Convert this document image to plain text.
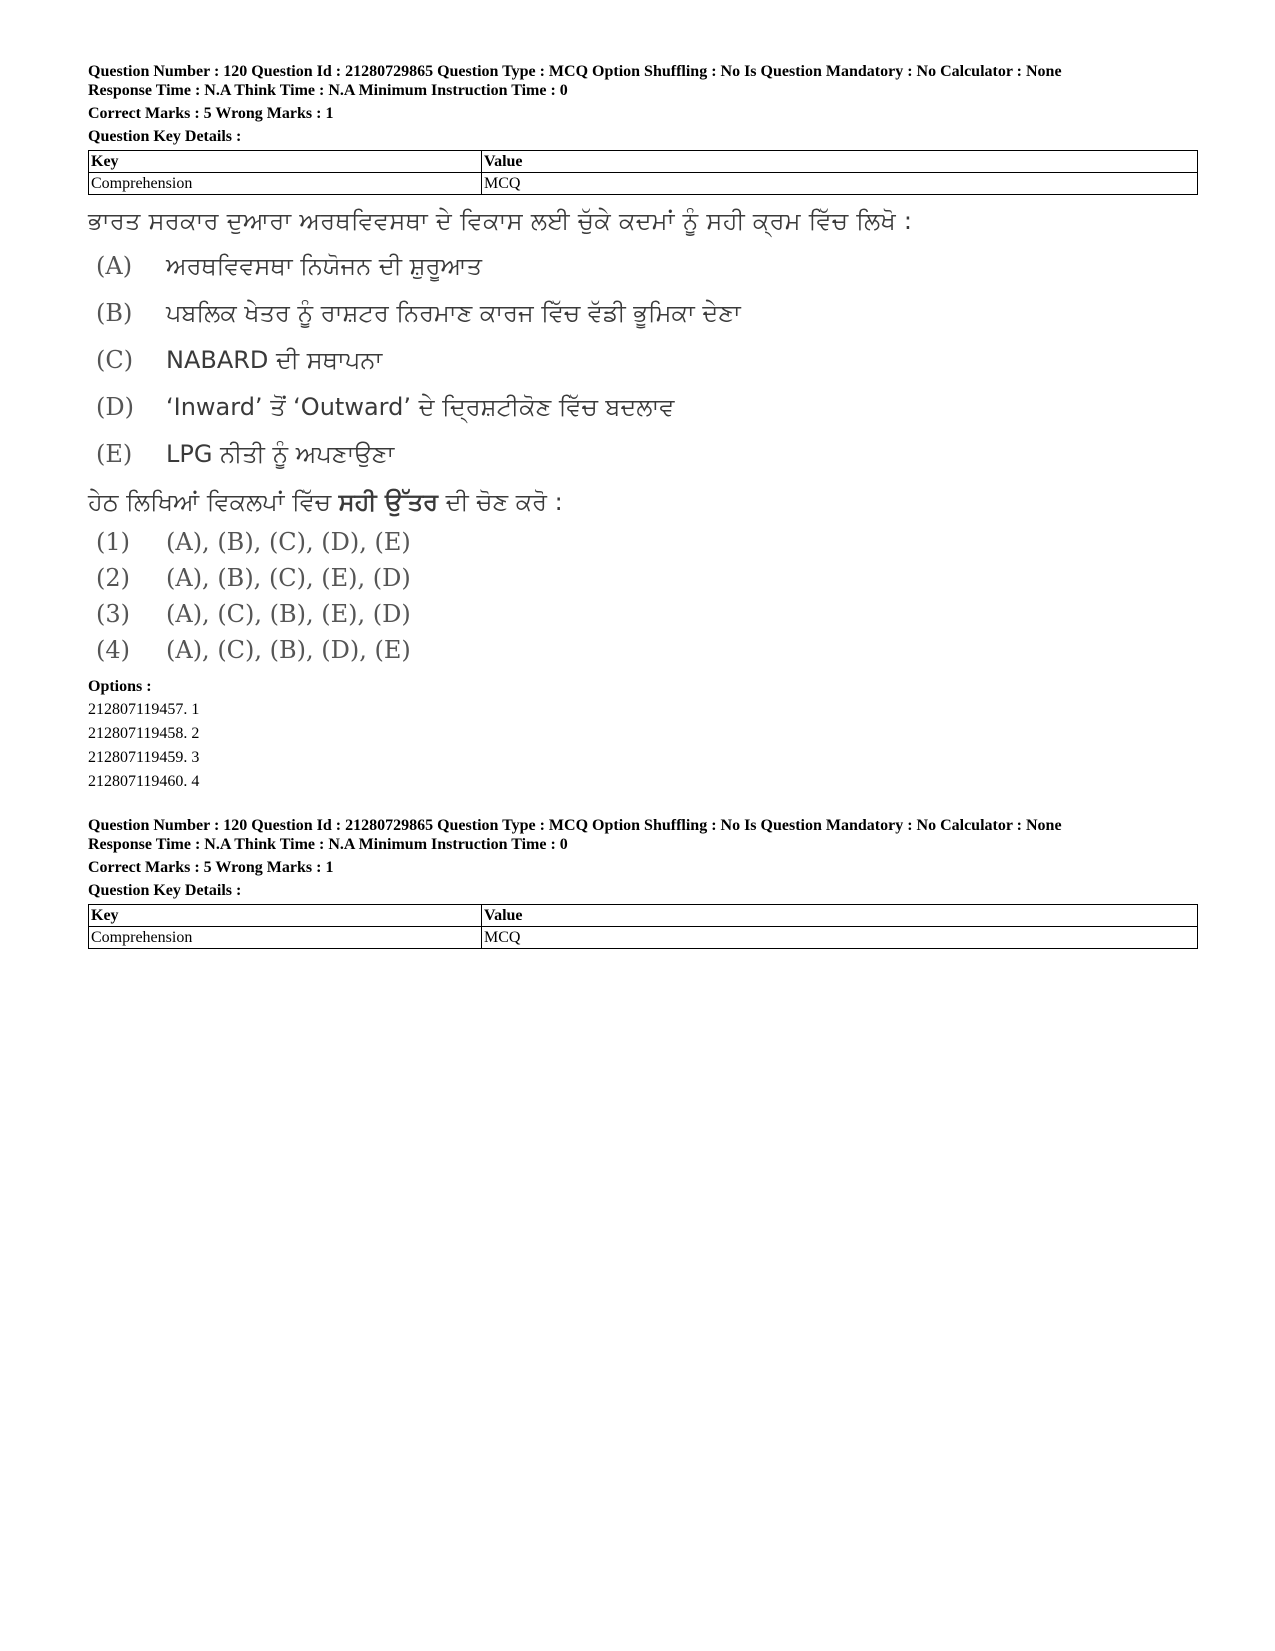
Question Number : 120 Question Id : 21280729865 Question Type : MCQ Option Shuffling : No Is Question Mandatory : No Calculator : None
Response Time : N.A Think Time : N.A Minimum Instruction Time : 0
Correct Marks : 5 Wrong Marks : 1
Question Key Details :
Key	Value
Comprehension	MCQ
ਭਾਰਤ ਸਰਕਾਰ ਦੁਆਰਾ ਅਰਥਵਿਵਸਥਾ ਦੇ ਵਿਕਾਸ ਲਈ ਚੁੱਕੇ ਕਦਮਾਂ ਨੂੰ ਸਹੀ ਕ੍ਰਮ ਵਿੱਚ ਲਿਖੋ :
(A)	ਅਰਥਵਿਵਸਥਾ ਨਿਯੋਜਨ ਦੀ ਸ਼ੁਰੂਆਤ
(B)	ਪਬਲਿਕ ਖੇਤਰ ਨੂੰ ਰਾਸ਼ਟਰ ਨਿਰਮਾਣ ਕਾਰਜ ਵਿੱਚ ਵੱਡੀ ਭੂਮਿਕਾ ਦੇਣਾ
(C)	NABARD ਦੀ ਸਥਾਪਨਾ
(D)	‘Inward’ ਤੋਂ ‘Outward’ ਦੇ ਦ੍ਰਿਸ਼ਟੀਕੋਣ ਵਿੱਚ ਬਦਲਾਵ
(E)	LPG ਨੀਤੀ ਨੂੰ ਅਪਣਾਉਣਾ
ਹੇਠ ਲਿਖਿਆਂ ਵਿਕਲਪਾਂ ਵਿੱਚ ਸਹੀ ਉੱਤਰ ਦੀ ਚੋਣ ਕਰੋ :
(1)	(A), (B), (C), (D), (E)
(2)	(A), (B), (C), (E), (D)
(3)	(A), (C), (B), (E), (D)
(4)	(A), (C), (B), (D), (E)
Options :
212807119457. 1
212807119458. 2
212807119459. 3
212807119460. 4
Question Number : 120 Question Id : 21280729865 Question Type : MCQ Option Shuffling : No Is Question Mandatory : No Calculator : None
Response Time : N.A Think Time : N.A Minimum Instruction Time : 0
Correct Marks : 5 Wrong Marks : 1
Question Key Details :
Key	Value
Comprehension	MCQ
